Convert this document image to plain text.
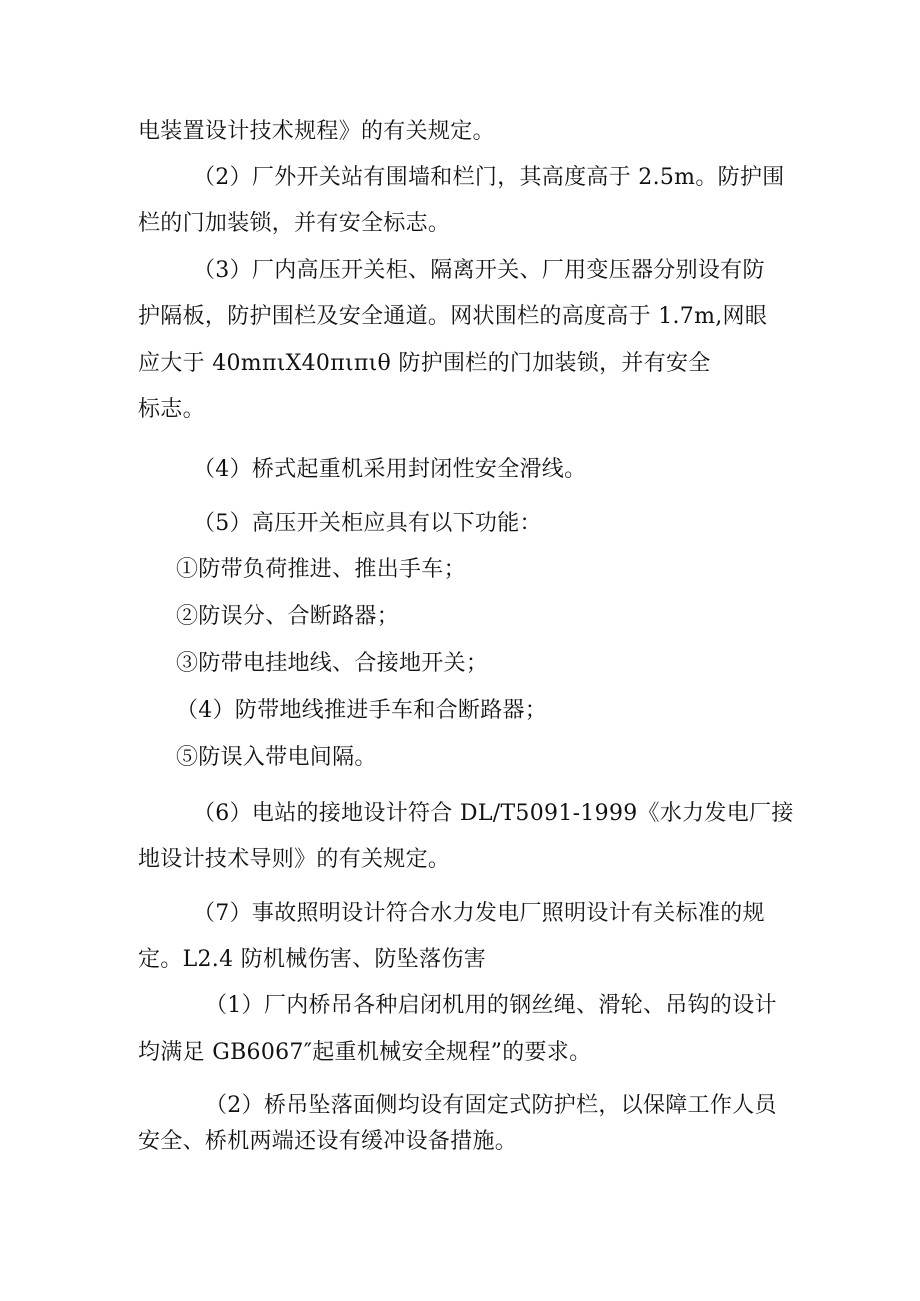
电装置设计技术规程》的有关规定。
（2）厂外开关站有围墙和栏门，其高度高于 2.5m。防护围
栏的门加装锁，并有安全标志。
（3）厂内高压开关柜、隔离开关、厂用变压器分别设有防
护隔板，防护围栏及安全通道。网状围栏的高度高于 1.7m,网眼
应大于 40mπιX40πιπιθ 防护围栏的门加装锁，并有安全
标志。
（4）桥式起重机采用封闭性安全滑线。
（5）高压开关柜应具有以下功能：
①防带负荷推进、推出手车；
②防误分、合断路器；
③防带电挂地线、合接地开关；
（4）防带地线推进手车和合断路器；
⑤防误入带电间隔。
（6）电站的接地设计符合 DL/T5091-1999《水力发电厂接
地设计技术导则》的有关规定。
（7）事故照明设计符合水力发电厂照明设计有关标准的规
定。L2.4 防机械伤害、防坠落伤害
（1）厂内桥吊各种启闭机用的钢丝绳、滑轮、吊钩的设计
均满足 GB6067″起重机械安全规程”的要求。
（2）桥吊坠落面侧均设有固定式防护栏，以保障工作人员
安全、桥机两端还设有缓冲设备措施。
